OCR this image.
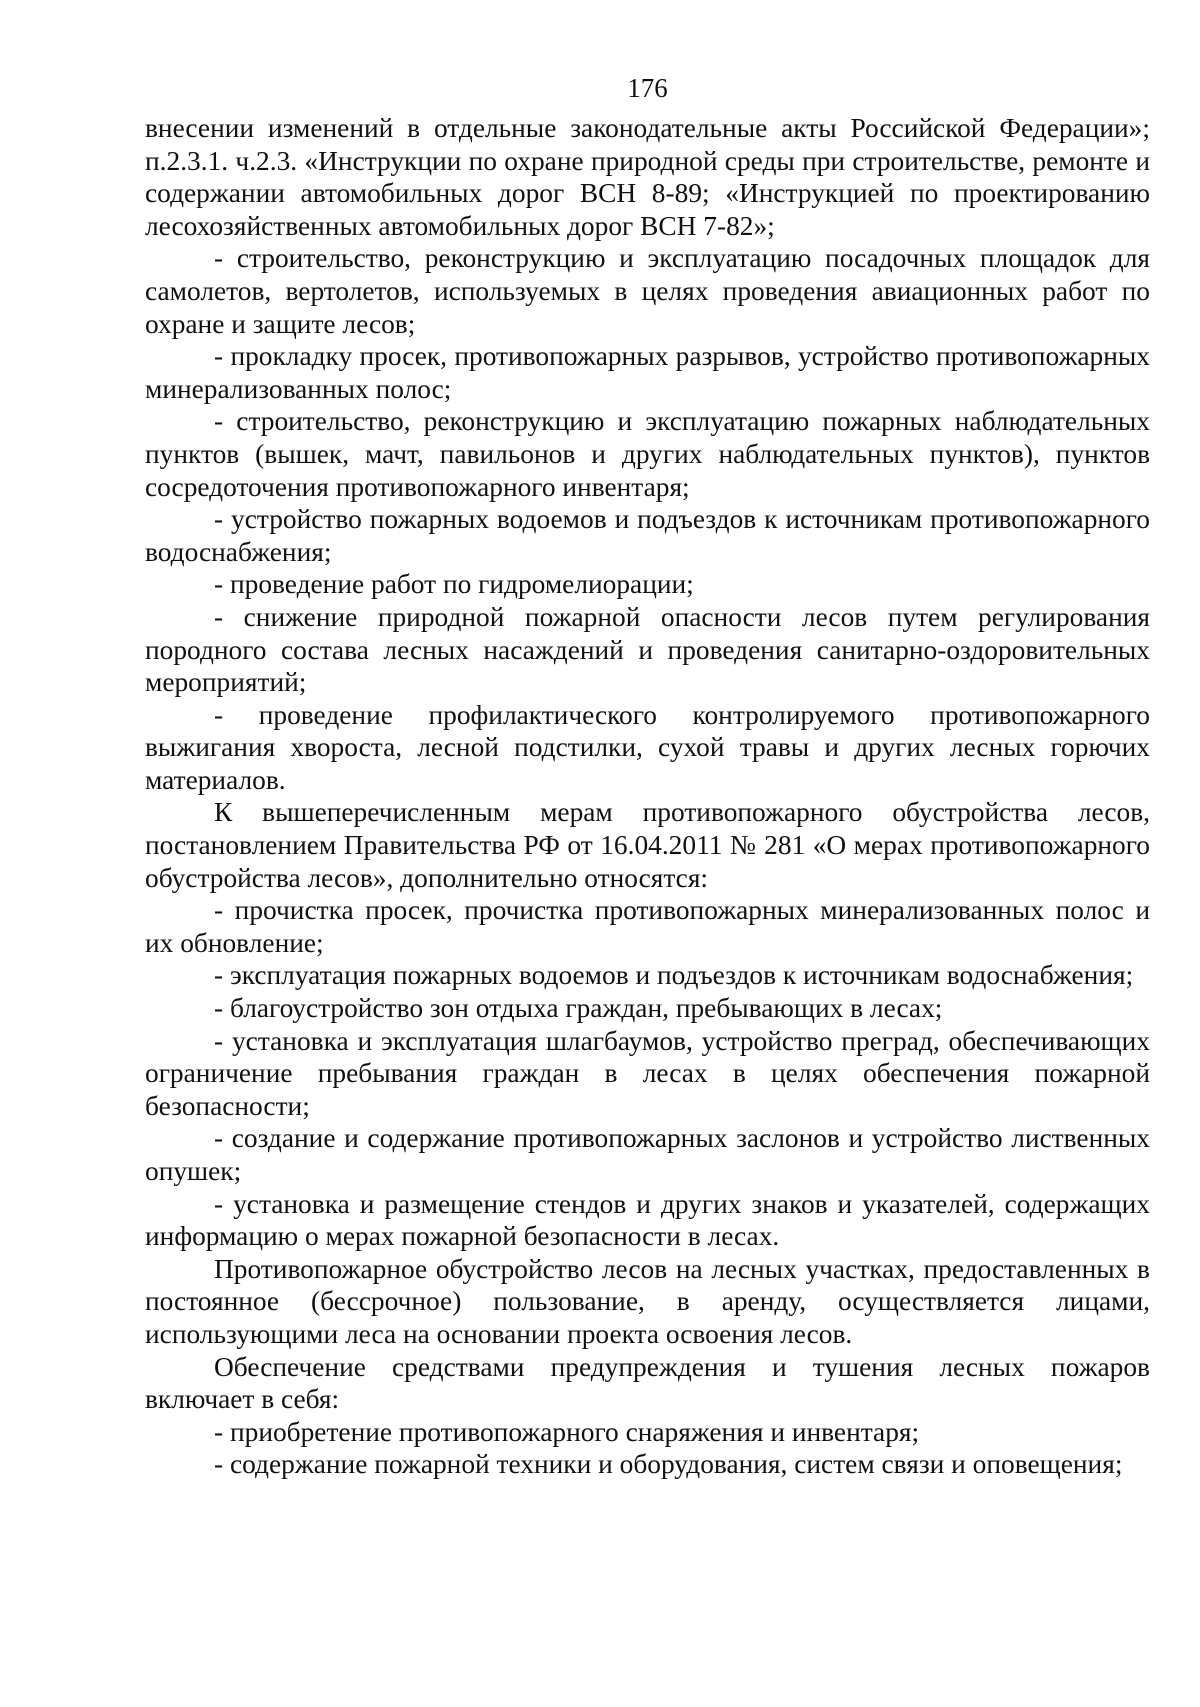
176

внесении изменений в отдельные законодательные акты Российской Федерации»; п.2.3.1. ч.2.3. «Инструкции по охране природной среды при строительстве, ремонте и содержании автомобильных дорог ВСН 8-89; «Инструкцией по проектированию лесохозяйственных автомобильных дорог ВСН 7-82»;

- строительство, реконструкцию и эксплуатацию посадочных площадок для самолетов, вертолетов, используемых в целях проведения авиационных работ по охране и защите лесов;

- прокладку просек, противопожарных разрывов, устройство противопожарных минерализованных полос;

- строительство, реконструкцию и эксплуатацию пожарных наблюдательных пунктов (вышек, мачт, павильонов и других наблюдательных пунктов), пунктов сосредоточения противопожарного инвентаря;

- устройство пожарных водоемов и подъездов к источникам противопожарного водоснабжения;

- проведение работ по гидромелиорации;

- снижение природной пожарной опасности лесов путем регулирования породного состава лесных насаждений и проведения санитарно-оздоровительных мероприятий;

- проведение профилактического контролируемого противопожарного выжигания хвороста, лесной подстилки, сухой травы и других лесных горючих материалов.

К вышеперечисленным мерам противопожарного обустройства лесов, постановлением Правительства РФ от 16.04.2011 № 281 «О мерах противопожарного обустройства лесов», дополнительно относятся:

- прочистка просек, прочистка противопожарных минерализованных полос и их обновление;

- эксплуатация пожарных водоемов и подъездов к источникам водоснабжения;

- благоустройство зон отдыха граждан, пребывающих в лесах;

- установка и эксплуатация шлагбаумов, устройство преград, обеспечивающих ограничение пребывания граждан в лесах в целях обеспечения пожарной безопасности;

- создание и содержание противопожарных заслонов и устройство лиственных опушек;

- установка и размещение стендов и других знаков и указателей, содержащих информацию о мерах пожарной безопасности в лесах.

Противопожарное обустройство лесов на лесных участках, предоставленных в постоянное (бессрочное) пользование, в аренду, осуществляется лицами, использующими леса на основании проекта освоения лесов.

Обеспечение средствами предупреждения и тушения лесных пожаров включает в себя:

- приобретение противопожарного снаряжения и инвентаря;

- содержание пожарной техники и оборудования, систем связи и оповещения;
